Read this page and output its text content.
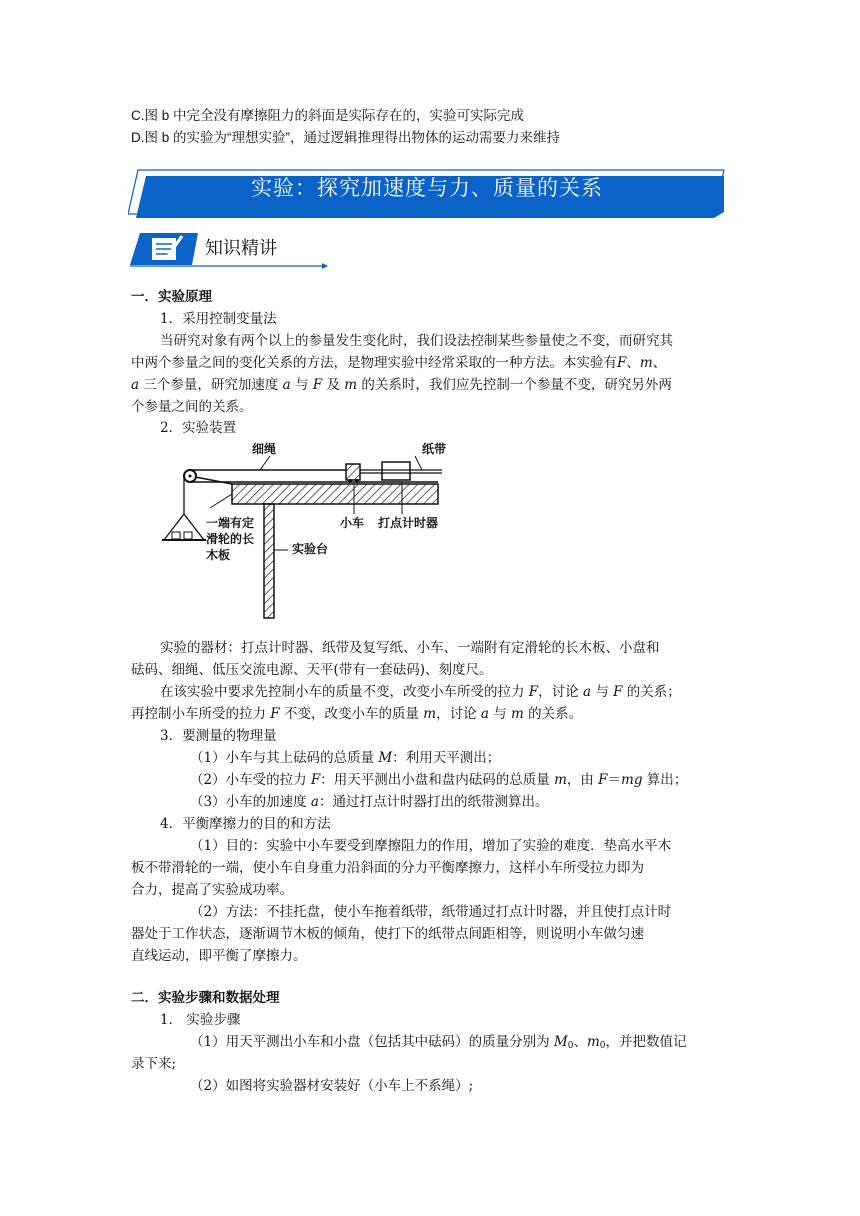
C.图 b 中完全没有摩擦阻力的斜面是实际存在的，实验可实际完成
D.图 b 的实验为“理想实验”，通过逻辑推理得出物体的运动需要力来维持
实验：探究加速度与力、质量的关系
知识精讲
一．实验原理
1．采用控制变量法
当研究对象有两个以上的参量发生变化时，我们设法控制某些参量使之不变，而研究其
中两个参量之间的变化关系的方法，是物理实验中经常采取的一种方法。本实验有F、m、
a 三个参量，研究加速度 a 与 F 及 m 的关系时，我们应先控制一个参量不变，研究另外两
个参量之间的关系。
2．实验装置
细绳	纸带
一端有定
滑轮的长
木板
小车 打点计时器
实验台
实验的器材：打点计时器、纸带及复写纸、小车、一端附有定滑轮的长木板、小盘和
砝码、细绳、低压交流电源、天平(带有一套砝码)、刻度尺。
在该实验中要求先控制小车的质量不变，改变小车所受的拉力 F，讨论 a 与 F 的关系；
再控制小车所受的拉力 F 不变，改变小车的质量 m，讨论 a 与 m 的关系。
3．要测量的物理量
（1）小车与其上砝码的总质量 M：利用天平测出；
（2）小车受的拉力 F：用天平测出小盘和盘内砝码的总质量 m，由 F＝mg 算出；
（3）小车的加速度 a：通过打点计时器打出的纸带测算出。
4．平衡摩擦力的目的和方法
（1）目的：实验中小车要受到摩擦阻力的作用，增加了实验的难度．垫高水平木
板不带滑轮的一端，使小车自身重力沿斜面的分力平衡摩擦力，这样小车所受拉力即为
合力，提高了实验成功率。
（2）方法：不挂托盘，使小车拖着纸带，纸带通过打点计时器，并且使打点计时
器处于工作状态，逐渐调节木板的倾角，使打下的纸带点间距相等，则说明小车做匀速
直线运动，即平衡了摩擦力。
二．实验步骤和数据处理
1． 实验步骤
（1）用天平测出小车和小盘（包括其中砝码）的质量分别为 $M_0$、$m_0$，并把数值记
录下来;
（2）如图将实验器材安装好（小车上不系绳）;
